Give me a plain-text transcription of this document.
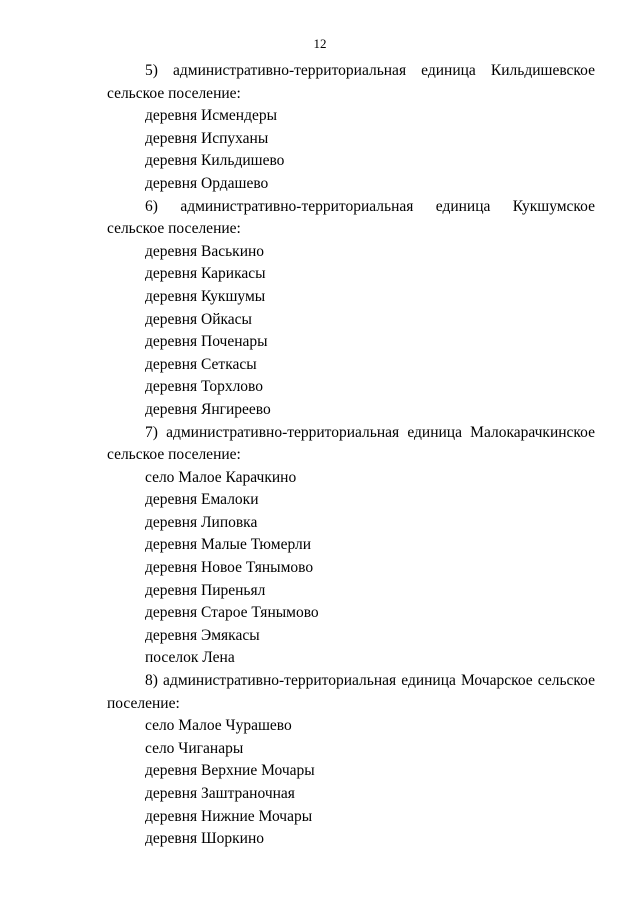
12

5) административно-территориальная единица Кильдишевское сельское поселение:

деревня Исмендеры

деревня Испуханы

деревня Кильдишево

деревня Ордашево

6) административно-территориальная единица Кукшумское сельское поселение:

деревня Васькино

деревня Карикасы

деревня Кукшумы

деревня Ойкасы

деревня Поченары

деревня Сеткасы

деревня Торхлово

деревня Янгиреево

7) административно-территориальная единица Малокарачкинское сельское поселение:

село Малое Карачкино

деревня Емалоки

деревня Липовка

деревня Малые Тюмерли

деревня Новое Тянымово

деревня Пиреньял

деревня Старое Тянымово

деревня Эмякасы

поселок Лена

8) административно-территориальная единица Мочарское сельское поселение:

село Малое Чурашево

село Чиганары

деревня Верхние Мочары

деревня Заштраночная

деревня Нижние Мочары

деревня Шоркино
